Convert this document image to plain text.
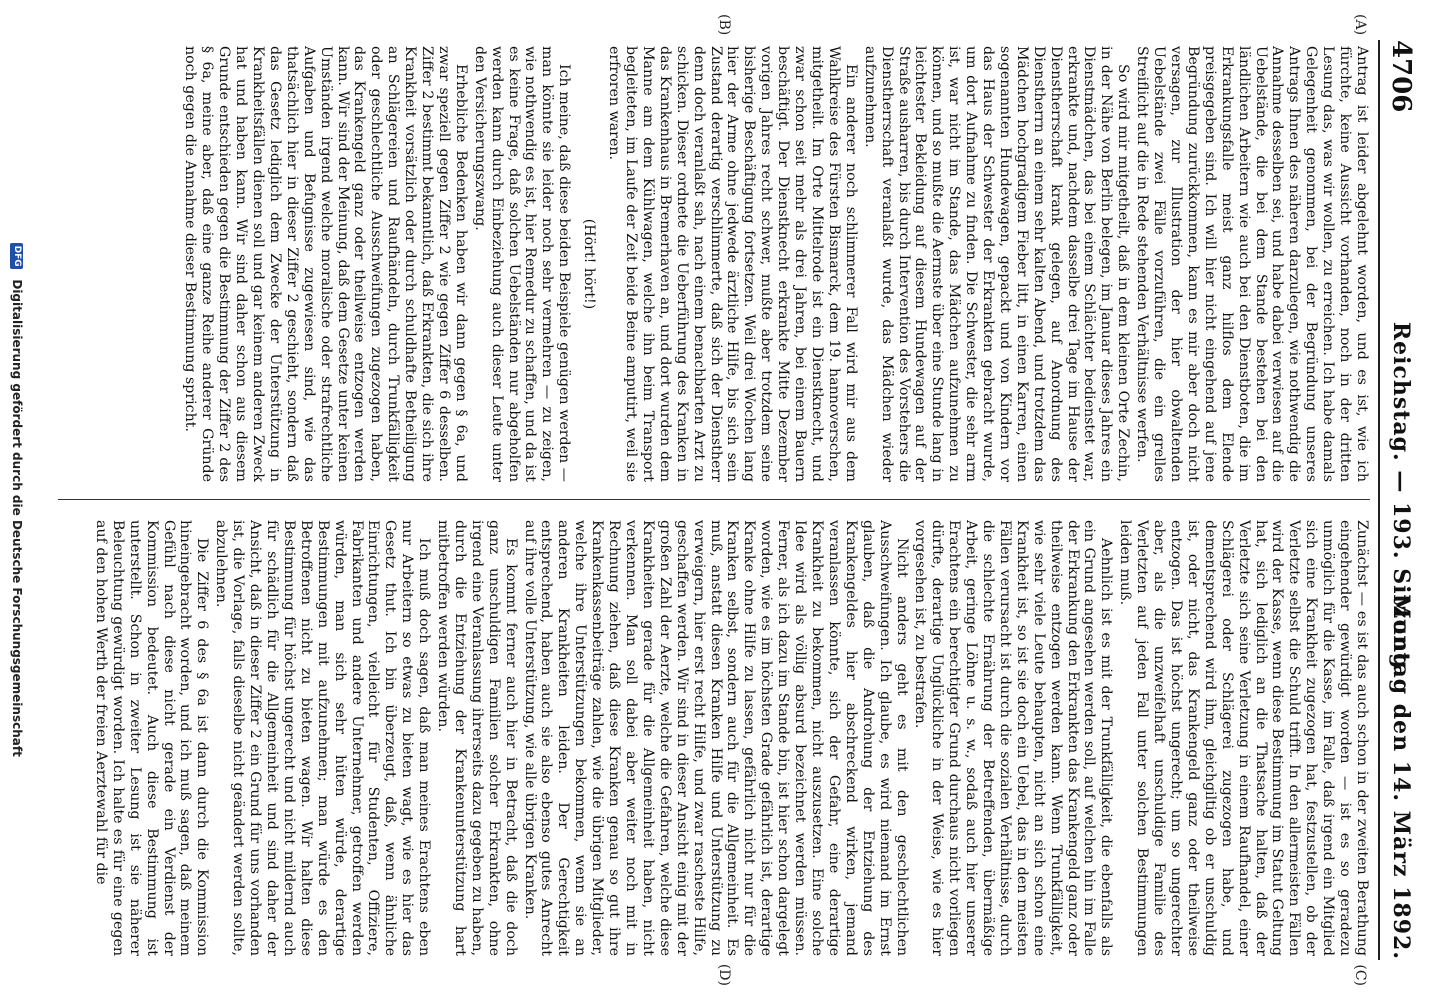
4706
Reichstag. — 193. Sitzung.
Montag den 14. März 1892.
(A)
(B)
(C)
(D)

Antrag ist leider abgelehnt worden, und es ist, wie ich fürchte, keine Aussicht vorhanden, noch in der dritten Lesung das, was wir wollen, zu erreichen. Ich habe damals Gelegenheit genommen, bei der Begründung unseres Antrags Ihnen des näheren darzulegen, wie nothwendig die Annahme desselben sei, und habe dabei verwiesen auf die Uebelstände, die bei dem Stande bestehen bei den ländlichen Arbeitern wie auch bei den Dienstboten, die im Erkrankungsfalle meist ganz hilflos dem Elende preisgegeben sind. Ich will hier nicht eingehend auf jene Begründung zurückkommen, kann es mir aber doch nicht versagen, zur Illustration der hier obwaltenden Uebelstände zwei Fälle vorzuführen, die ein grelles Streiflicht auf die in Rede stehenden Verhältnisse werfen.

So wird mir mitgetheilt, daß in dem kleinen Orte Zechin, in der Nähe von Berlin belegen, im Januar dieses Jahres ein Dienstmädchen, das bei einem Schlächter bedienstet war, erkrankte und, nachdem dasselbe drei Tage im Hause der Dienstherrschaft krank gelegen, auf Anordnung des Dienstherrn an einem sehr kalten Abend, und trotzdem das Mädchen hochgradigem Fieber litt, in einen Karren, einen sogenannten Hundewagen, gepackt und von Kindern vor das Haus der Schwester der Erkrankten gebracht wurde, um dort Aufnahme zu finden. Die Schwester, die sehr arm ist, war nicht im Stande, das Mädchen aufzunehmen zu können, und so mußte die Aermste über eine Stunde lang in leichtester Bekleidung auf diesem Hundewagen auf der Straße ausharren, bis durch Intervention des Vorstehers die Dienstherrschaft veranlaßt wurde, das Mädchen wieder aufzunehmen.

Ein anderer noch schlimmerer Fall wird mir aus dem Wahlkreise des Fürsten Bismarck, dem 19. hannoverschen, mitgetheilt. Im Orte Mittelrode ist ein Dienstknecht, und zwar schon seit mehr als drei Jahren, bei einem Bauern beschäftigt. Der Dienstknecht erkrankte Mitte Dezember vorigen Jahres recht schwer, mußte aber trotzdem seine bisherige Beschäftigung fortsetzen. Weil drei Wochen lang hier der Arme ohne jedwede ärztliche Hilfe, bis sich sein Zustand derartig verschlimmerte, daß sich der Dienstherr denn doch veranlaßt sah, nach einem benachbarten Arzt zu schicken. Dieser ordnete die Ueberführung des Kranken in das Krankenhaus in Bremerhaven an, und dort wurden dem Manne am dem Kühlwagen, welche ihn beim Transport begleiteten, im Laufe der Zeit beide Beine amputirt, weil sie erfroren waren.

(Hört! hört!)

Ich meine, daß diese beiden Beispiele genügen werden — man könnte sie leider noch sehr vermehren — zu zeigen, wie nothwendig es ist, hier Remedur zu schaffen, und da ist es keine Frage, daß solchen Uebelständen nur abgeholfen werden kann durch Einbeziehung auch dieser Leute unter den Versicherungszwang.

Erhebliche Bedenken haben wir dann gegen § 6a, und zwar speziell gegen Ziffer 2 wie gegen Ziffer 6 desselben. Ziffer 2 bestimmt bekanntlich, daß Erkrankten, die sich ihre Krankheit vorsätzlich oder durch schuldhafte Betheiligung an Schlägereien und Raufhändeln, durch Trunkfälligkeit oder geschlechtliche Ausschweifungen zugezogen haben, das Krankengeld ganz oder theilweise entzogen werden kann. Wir sind der Meinung, daß dem Gesetze unter keinen Umständen irgend welche moralische oder strafrechtliche Aufgaben und Befugnisse zugewiesen sind, wie das thatsächlich hier in dieser Ziffer 2 geschieht, sondern daß das Gesetz lediglich dem Zwecke der Unterstützung in Krankheitsfällen dienen soll und gar keinem anderen Zweck hat und haben kann. Wir sind daher schon aus diesem Grunde entschieden gegen die Bestimmung der Ziffer 2 des § 6a, meine aber, daß eine ganze Reihe anderer Gründe noch gegen die Annahme dieser Bestimmung spricht.

Zunächst — es ist das auch schon in der zweiten Berathung eingehender gewürdigt worden — ist es so geradezu unmöglich für die Kasse, im Falle, daß irgend ein Mitglied sich eine Krankheit zugezogen hat, festzustellen, ob der Verletzte selbst die Schuld trifft. In den allermeisten Fällen wird der Kasse, wenn diese Bestimmung im Statut Geltung hat, sich lediglich an die Thatsache halten, daß der Verletzte sich seine Verletzung in einem Raufhandel, einer Schlägerei oder Schlägerei zugezogen habe, und dementsprechend wird ihm, gleichgiltig ob er unschuldig ist, oder nicht, das Krankengeld ganz oder theilweise entzogen. Das ist höchst ungerecht; um so ungerechter aber, als die unzweifelhaft unschuldige Familie des Verletzten auf jeden Fall unter solchen Bestimmungen leiden muß.

Aehnlich ist es mit der Trunkfälligkeit, die ebenfalls als ein Grund angesehen werden soll, auf welchen hin im Falle der Erkrankung den Erkrankten das Krankengeld ganz oder theilweise entzogen werden kann. Wenn Trunkfälligkeit, wie sehr viele Leute behaupten, nicht an sich schon eine Krankheit ist, so ist sie doch ein Uebel, das in den meisten Fällen verursacht ist durch die sozialen Verhältnisse, durch die schlechte Ernährung der Betreffenden, übermäßige Arbeit, geringe Löhne u. s. w., sodaß auch hier unserer Erachtens ein berechtigter Grund durchaus nicht vorliegen dürfte, derartige Unglückliche in der Weise, wie es hier vorgesehen ist, zu bestrafen.

Nicht anders geht es mit den geschlechtlichen Ausschweifungen. Ich glaube, es wird niemand im Ernst glauben, daß die Androhung der Entziehung des Krankengeldes hier abschreckend wirken, jemand veranlassen könnte, sich der Gefahr, eine derartige Krankheit zu bekommen, nicht auszusetzen. Eine solche Idee wird als völlig absurd bezeichnet werden müssen. Ferner, als ich dazu im Stande bin, ist hier schon dargelegt worden, wie es im höchsten Grade gefährlich ist, derartige Kranke ohne Hilfe zu lassen, gefährlich nicht nur für die Kranken selbst, sondern auch für die Allgemeinheit. Es muß, anstatt diesen Kranken Hilfe und Unterstützung zu verweigern, hier erst recht Hilfe, und zwar rascheste Hilfe, geschaffen werden. Wir sind in dieser Ansicht einig mit der großen Zahl der Aerzte, welche die Gefahren, welche diese Krankheiten gerade für die Allgemeinheit haben, nicht verkennen. Man soll dabei aber weiter noch mit in Rechnung ziehen, daß diese Kranken genau so gut ihre Krankenkassenbeiträge zahlen, wie die übrigen Mitglieder, welche ihre Unterstützungen bekommen, wenn sie an anderen Krankheiten leiden. Der Gerechtigkeit entsprechend, haben auch sie also ebenso gutes Anrecht auf ihre volle Unterstützung, wie alle übrigen Kranken.

Es kommt ferner auch hier in Betracht, daß die doch ganz unschuldigen Familien solcher Erkrankten, ohne irgend eine Veranlassung ihrerseits dazu gegeben zu haben, durch die Entziehung der Krankenunterstützung hart mitbetroffen werden würden.

Ich muß doch sagen, daß man meines Erachtens eben nur Arbeitern so etwas zu bieten wagt, wie es hier das Gesetz thut. Ich bin überzeugt, daß, wenn ähnliche Einrichtungen, vielleicht für Studenten, Offiziere, Fabrikanten und andere Unternehmer, getroffen werden würden, man sich sehr hüten würde, derartige Bestimmungen mit aufzunehmen; man würde es den Betroffenen nicht zu bieten wagen. Wir halten diese Bestimmung für höchst ungerecht und nicht mildernd auch für schädlich für die Allgemeinheit und sind daher der Ansicht, daß in dieser Ziffer 2 ein Grund für uns vorhanden ist, die Vorlage, falls dieselbe nicht geändert werden sollte, abzulehnen.

Die Ziffer 6 des § 6a ist dann durch die Kommission hineingebracht worden, und ich muß sagen, daß meinem Gefühl nach diese nicht gerade ein Verdienst der Kommission bedeutet. Auch diese Bestimmung ist unterstellt. Schon in zweiter Lesung ist sie näherer Beleuchtung gewürdigt worden. Ich halte es für eine gegen auf den hohen Werth der freien Aerztewahl für die

DFG Digitalisierung gefördert durch die Deutsche Forschungsgemeinschaft
